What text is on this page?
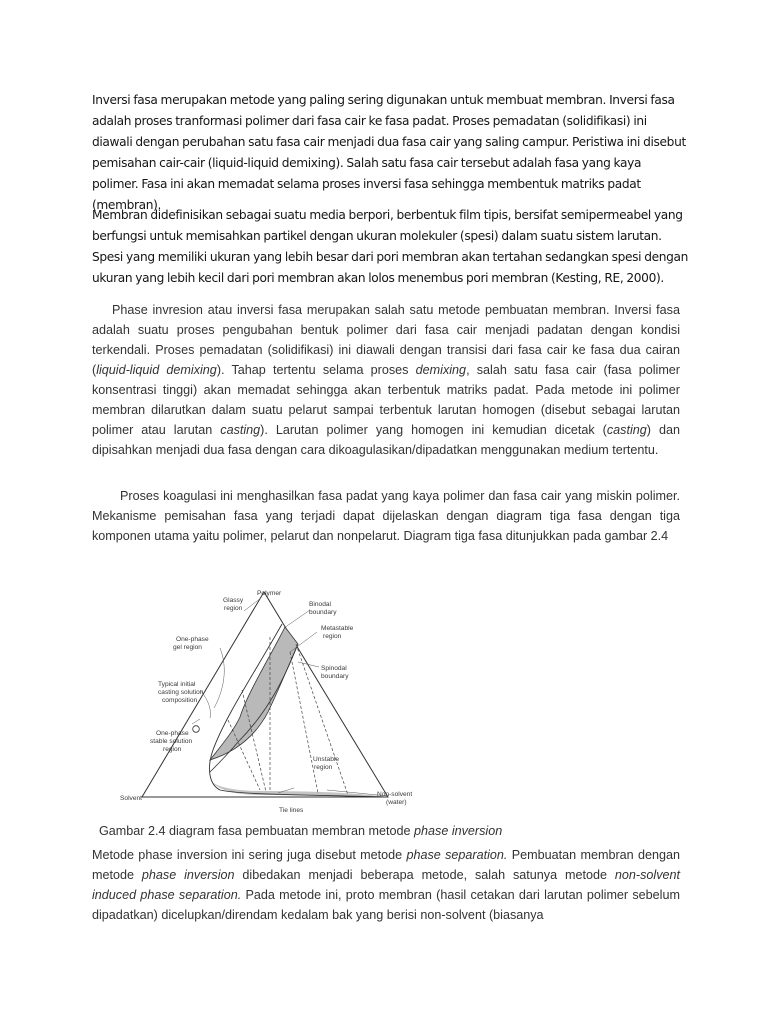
Inversi fasa merupakan metode yang paling sering digunakan untuk membuat membran. Inversi fasa adalah proses tranformasi polimer dari fasa cair ke fasa padat. Proses pemadatan (solidifikasi) ini diawali dengan perubahan satu fasa cair menjadi dua fasa cair yang saling campur. Peristiwa ini disebut pemisahan cair-cair (liquid-liquid demixing). Salah satu fasa cair tersebut adalah fasa yang kaya polimer. Fasa ini akan memadat selama proses inversi fasa sehingga membentuk matriks padat (membran).
Membran didefinisikan sebagai suatu media berpori, berbentuk film tipis, bersifat semipermeabel yang berfungsi untuk memisahkan partikel dengan ukuran molekuler (spesi) dalam suatu sistem larutan. Spesi yang memiliki ukuran yang lebih besar dari pori membran akan tertahan sedangkan spesi dengan ukuran yang lebih kecil dari pori membran akan lolos menembus pori membran (Kesting, RE, 2000).
Phase invresion atau inversi fasa merupakan salah satu metode pembuatan membran. Inversi fasa adalah suatu proses pengubahan bentuk polimer dari fasa cair menjadi padatan dengan kondisi terkendali. Proses pemadatan (solidifikasi) ini diawali dengan transisi dari fasa cair ke fasa dua cairan (liquid-liquid demixing). Tahap tertentu selama proses demixing, salah satu fasa cair (fasa polimer konsentrasi tinggi) akan memadat sehingga akan terbentuk matriks padat. Pada metode ini polimer membran dilarutkan dalam suatu pelarut sampai terbentuk larutan homogen (disebut sebagai larutan polimer atau larutan casting). Larutan polimer yang homogen ini kemudian dicetak (casting) dan dipisahkan menjadi dua fasa dengan cara dikoagulasikan/dipadatkan menggunakan medium tertentu.
Proses koagulasi ini menghasilkan fasa padat yang kaya polimer dan fasa cair yang miskin polimer. Mekanisme pemisahan fasa yang terjadi dapat dijelaskan dengan diagram tiga fasa dengan tiga komponen utama yaitu polimer, pelarut dan nonpelarut. Diagram tiga fasa ditunjukkan pada gambar 2.4
Polymer
Glassy
region
Binodal
boundary
Metastable
region
One-phase
gel region
Typical initial
casting solution
composition
Spinodal
boundary
One-phase
stable solution
region
Unstable
region
Solvent
Non-solvent
(water)
Tie lines
Gambar 2.4 diagram fasa pembuatan membran metode phase inversion
Metode phase inversion ini sering juga disebut metode phase separation. Pembuatan membran dengan metode phase inversion dibedakan menjadi beberapa metode, salah satunya metode non-solvent induced phase separation. Pada metode ini, proto membran (hasil cetakan dari larutan polimer sebelum dipadatkan) dicelupkan/direndam kedalam bak yang berisi non-solvent (biasanya
